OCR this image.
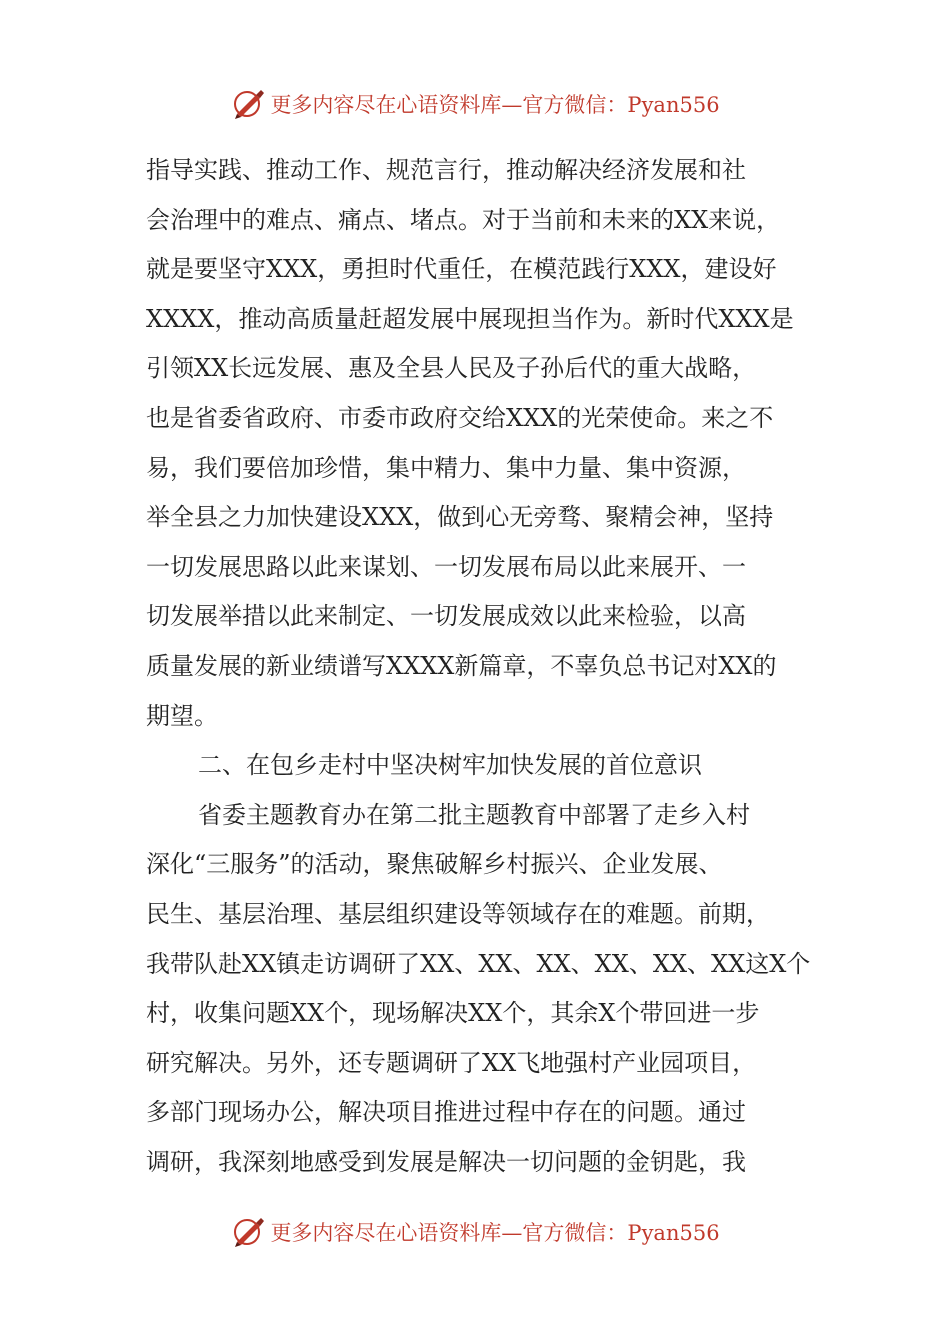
更多内容尽在心语资料库—官方微信：Pyan556
指导实践、推动工作、规范言行，推动解决经济发展和社
会治理中的难点、痛点、堵点。对于当前和未来的XX来说，
就是要坚守XXX，勇担时代重任，在模范践行XXX，建设好
XXXX，推动高质量赶超发展中展现担当作为。新时代XXX是
引领XX长远发展、惠及全县人民及子孙后代的重大战略，
也是省委省政府、市委市政府交给XXX的光荣使命。来之不
易，我们要倍加珍惜，集中精力、集中力量、集中资源，
举全县之力加快建设XXX，做到心无旁骛、聚精会神，坚持
一切发展思路以此来谋划、一切发展布局以此来展开、一
切发展举措以此来制定、一切发展成效以此来检验，以高
质量发展的新业绩谱写XXXX新篇章，不辜负总书记对XX的
期望。
二、在包乡走村中坚决树牢加快发展的首位意识
省委主题教育办在第二批主题教育中部署了走乡入村
深化“三服务”的活动，聚焦破解乡村振兴、企业发展、
民生、基层治理、基层组织建设等领域存在的难题。前期，
我带队赴XX镇走访调研了XX、XX、XX、XX、XX、XX这X个
村，收集问题XX个，现场解决XX个，其余X个带回进一步
研究解决。另外，还专题调研了XX飞地强村产业园项目，
多部门现场办公，解决项目推进过程中存在的问题。通过
调研，我深刻地感受到发展是解决一切问题的金钥匙，我
更多内容尽在心语资料库—官方微信：Pyan556
